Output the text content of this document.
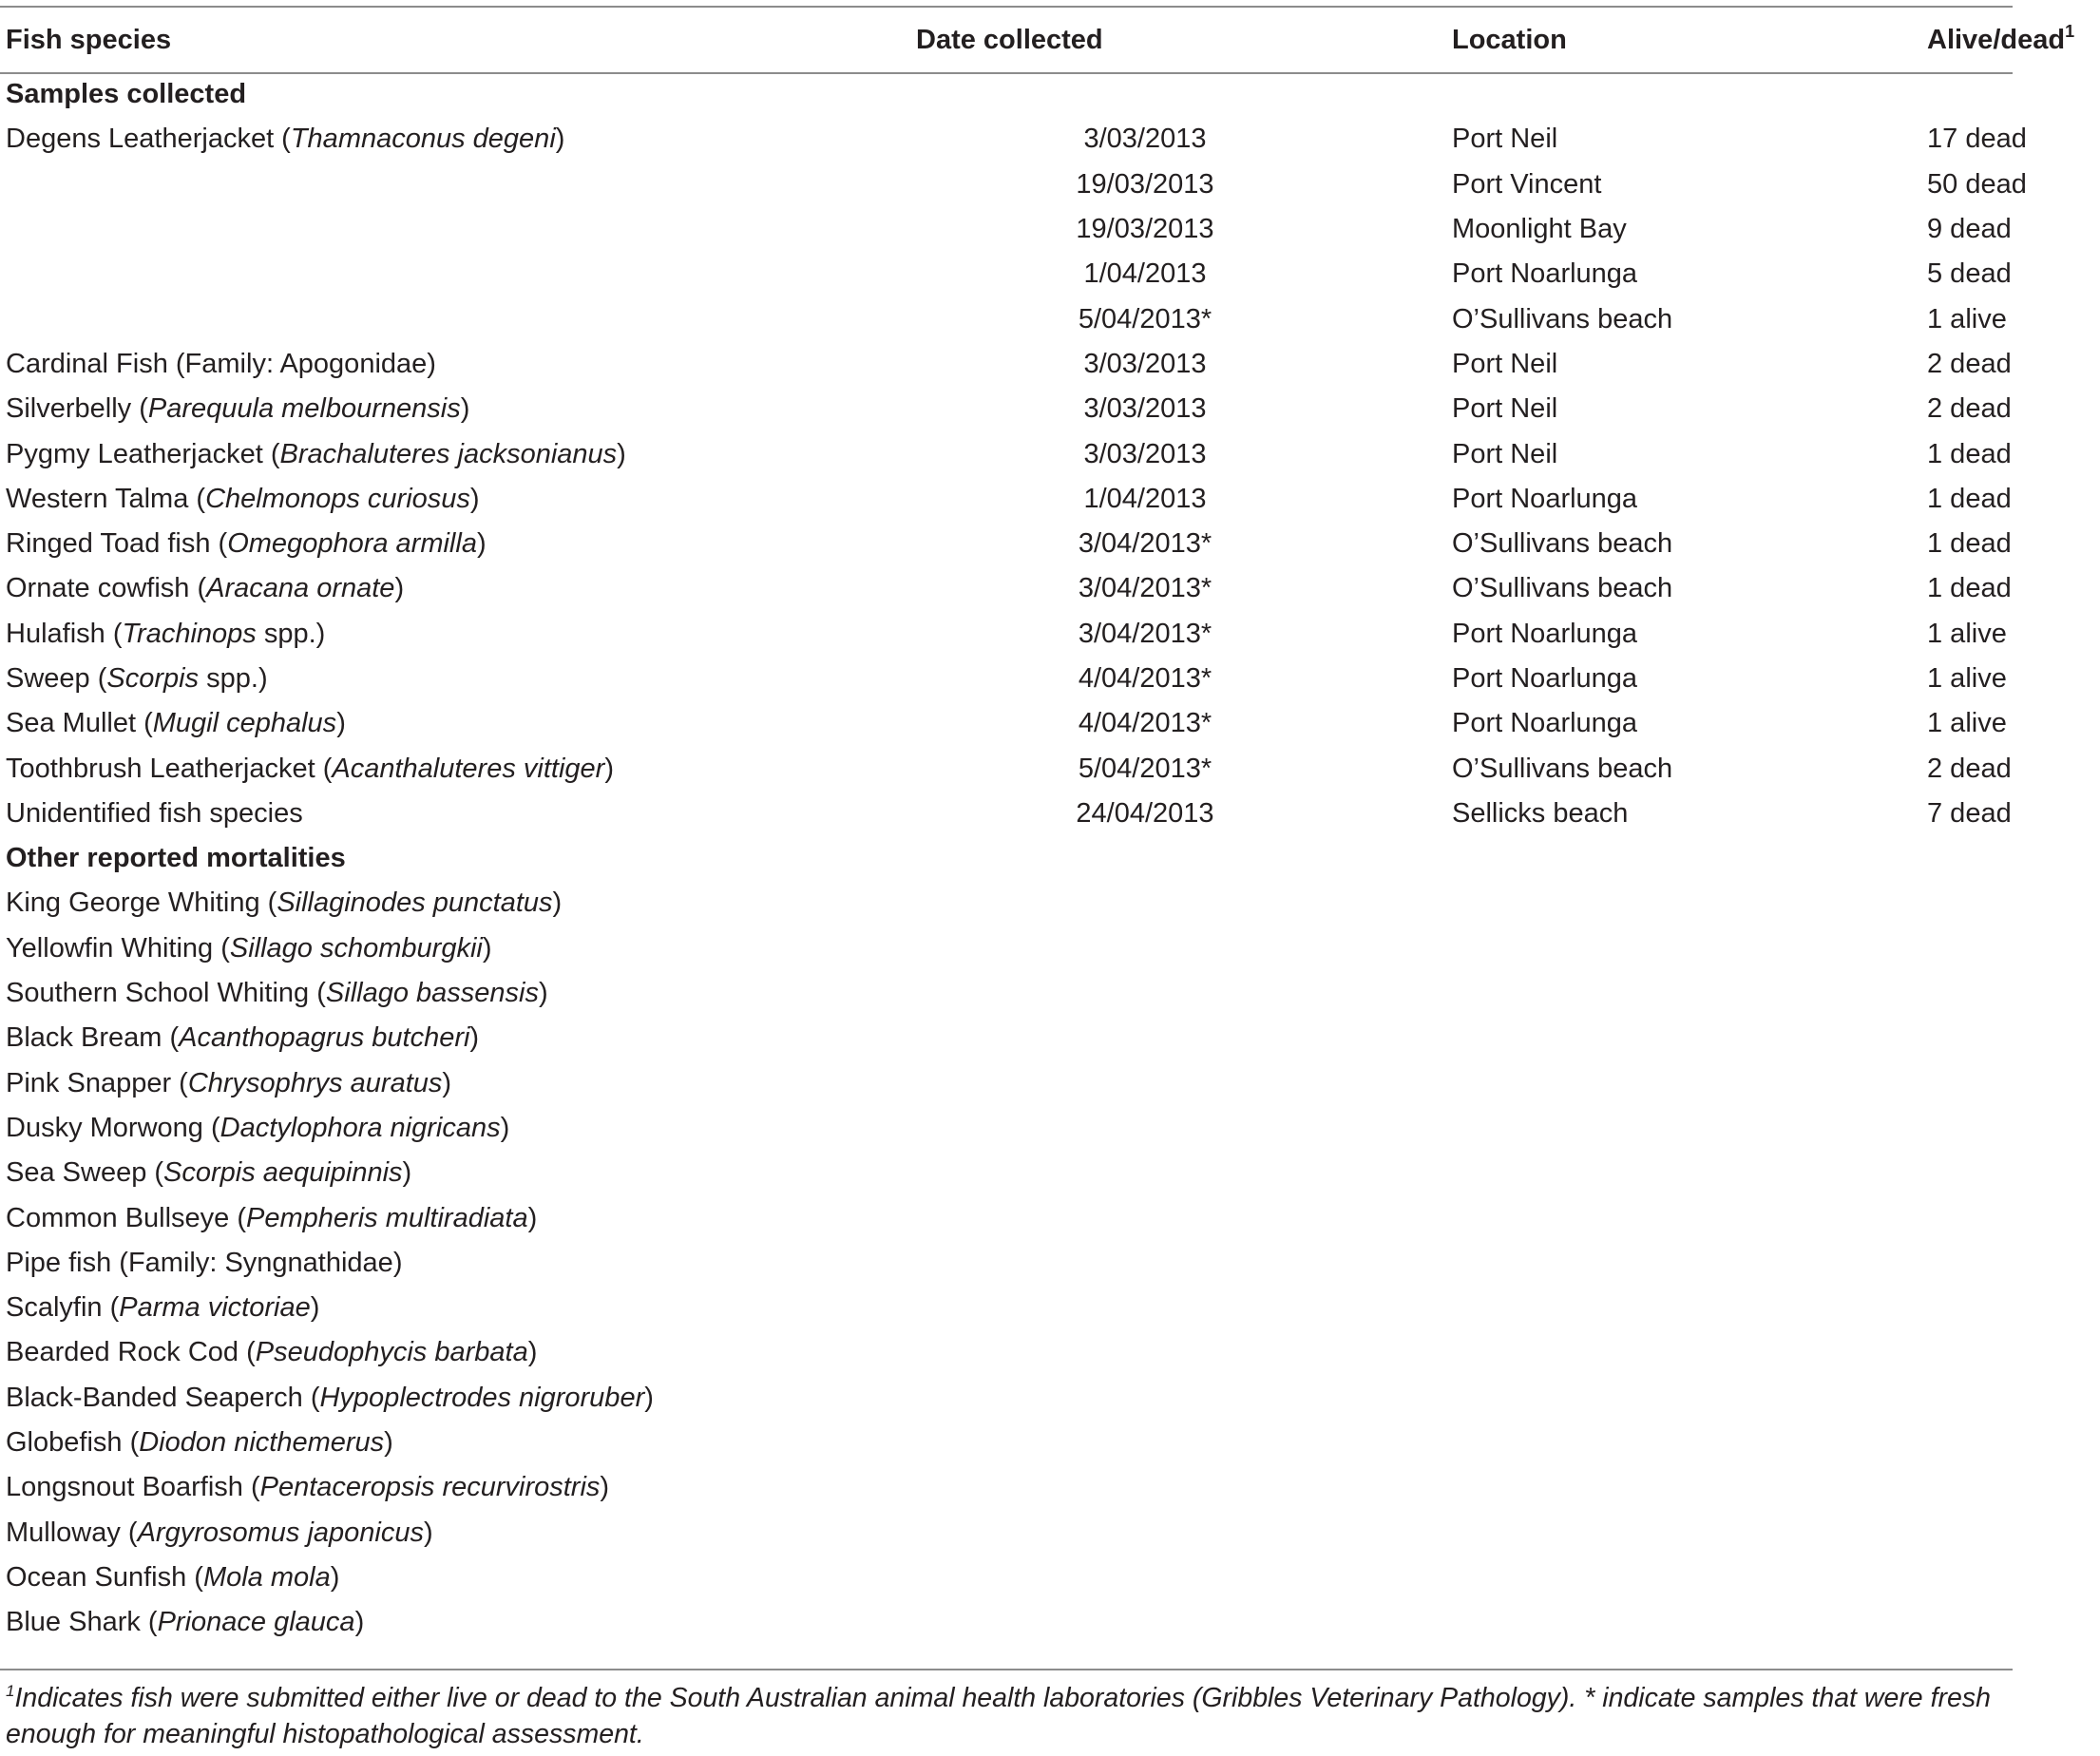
Fish species	Date collected	Location	Alive/dead$^1$
Samples collected			
Degens Leatherjacket (Thamnaconus degeni)	3/03/2013	Port Neil	17 dead
	19/03/2013	Port Vincent	50 dead
	19/03/2013	Moonlight Bay	9 dead
	1/04/2013	Port Noarlunga	5 dead
	5/04/2013*	O’Sullivans beach	1 alive
Cardinal Fish (Family: Apogonidae)	3/03/2013	Port Neil	2 dead
Silverbelly (Parequula melbournensis)	3/03/2013	Port Neil	2 dead
Pygmy Leatherjacket (Brachaluteres jacksonianus)	3/03/2013	Port Neil	1 dead
Western Talma (Chelmonops curiosus)	1/04/2013	Port Noarlunga	1 dead
Ringed Toad fish (Omegophora armilla)	3/04/2013*	O’Sullivans beach	1 dead
Ornate cowfish (Aracana ornate)	3/04/2013*	O’Sullivans beach	1 dead
Hulafish (Trachinops spp.)	3/04/2013*	Port Noarlunga	1 alive
Sweep (Scorpis spp.)	4/04/2013*	Port Noarlunga	1 alive
Sea Mullet (Mugil cephalus)	4/04/2013*	Port Noarlunga	1 alive
Toothbrush Leatherjacket (Acanthaluteres vittiger)	5/04/2013*	O’Sullivans beach	2 dead
Unidentified fish species	24/04/2013	Sellicks beach	7 dead
Other reported mortalities			
King George Whiting (Sillaginodes punctatus)			
Yellowfin Whiting (Sillago schomburgkii)			
Southern School Whiting (Sillago bassensis)			
Black Bream (Acanthopagrus butcheri)			
Pink Snapper (Chrysophrys auratus)			
Dusky Morwong (Dactylophora nigricans)			
Sea Sweep (Scorpis aequipinnis)			
Common Bullseye (Pempheris multiradiata)			
Pipe fish (Family: Syngnathidae)			
Scalyfin (Parma victoriae)			
Bearded Rock Cod (Pseudophycis barbata)			
Black-Banded Seaperch (Hypoplectrodes nigroruber)			
Globefish (Diodon nicthemerus)			
Longsnout Boarfish (Pentaceropsis recurvirostris)			
Mulloway (Argyrosomus japonicus)			
Ocean Sunfish (Mola mola)			
Blue Shark (Prionace glauca)			
$^1$Indicates fish were submitted either live or dead to the South Australian animal health laboratories (Gribbles Veterinary Pathology). * indicate samples that were fresh enough for meaningful histopathological assessment.
